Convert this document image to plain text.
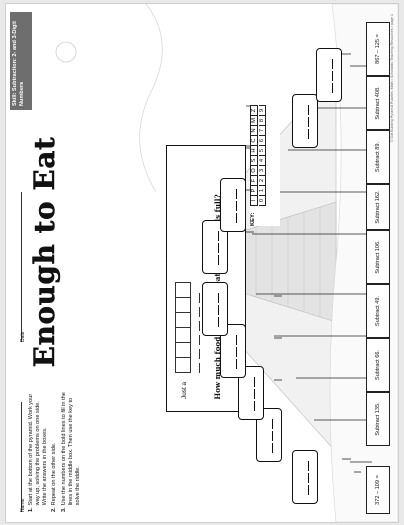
Name
Date
Skill: Subtraction: 2- and 3-Digit Numbers
Enough to Eat
1.
Start at the bottom of the pyramid. Work your way up, solving the problems on one side. Write the answers in the boxes.
2.
Repeat on the other side.
3.
Use the numbers on the bold lines to fill in the lines in the middle box. Then use the key to solve the riddle.
Just a
KEY:
I
P
F
O
S
H
C
N
M
Z
0
1
2
3
4
5
6
7
8
9
372 – 109 =
Subtract 135.
Subtract 66.
Subtract 49.
Subtract 106.
867 – 125 =
Subtract 408.
Subtract 89.
Subtract 162.
© Dot Building Pyramid Puzzles: Math • Scholastic Teaching Resources • page 1
